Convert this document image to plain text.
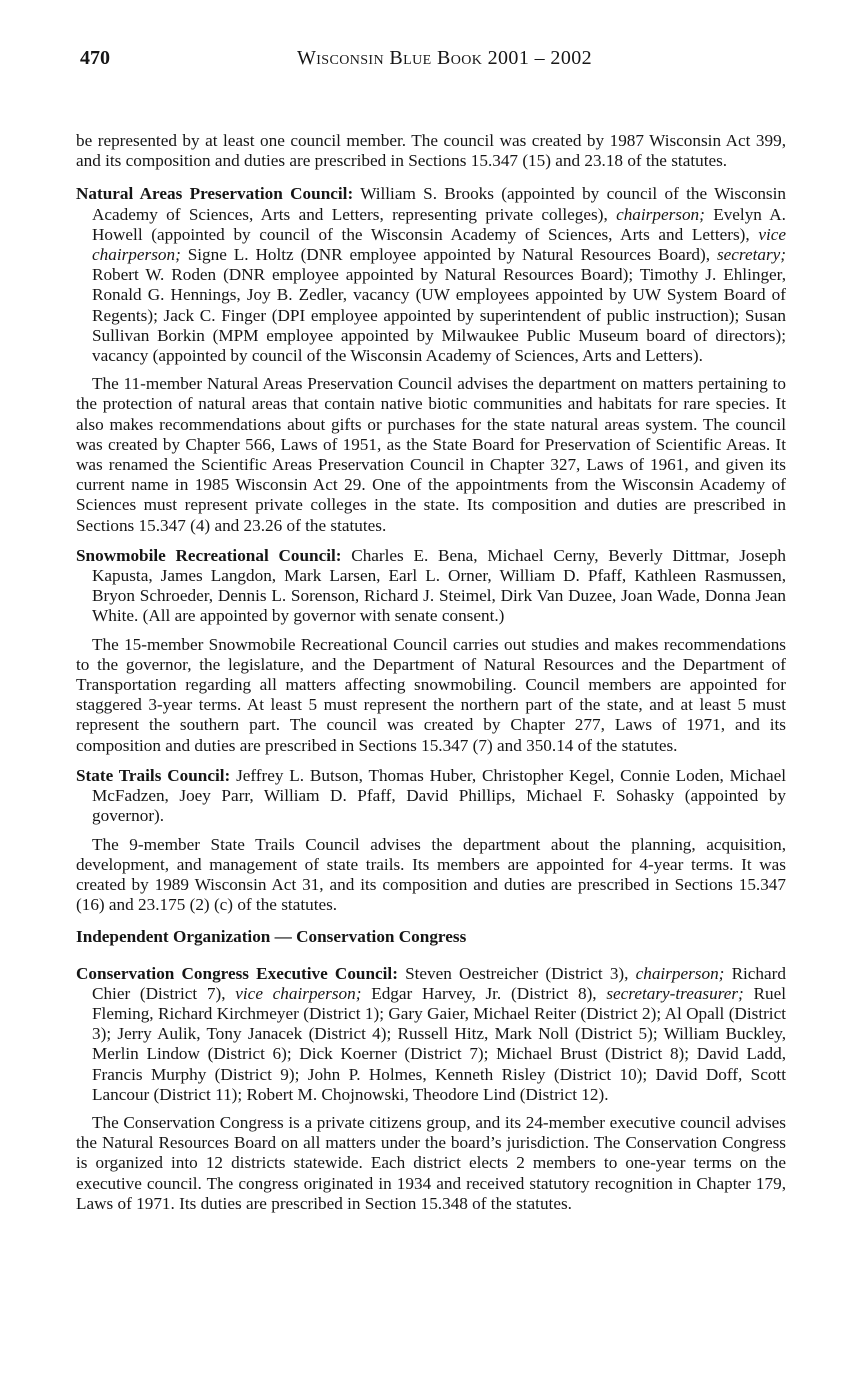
470	Wisconsin Blue Book 2001 – 2002

be represented by at least one council member. The council was created by 1987 Wisconsin Act 399, and its composition and duties are prescribed in Sections 15.347 (15) and 23.18 of the statutes.

Natural Areas Preservation Council: William S. Brooks (appointed by council of the Wisconsin Academy of Sciences, Arts and Letters, representing private colleges), chairperson; Evelyn A. Howell (appointed by council of the Wisconsin Academy of Sciences, Arts and Letters), vice chairperson; Signe L. Holtz (DNR employee appointed by Natural Resources Board), secretary; Robert W. Roden (DNR employee appointed by Natural Resources Board); Timothy J. Ehlinger, Ronald G. Hennings, Joy B. Zedler, vacancy (UW employees appointed by UW System Board of Regents); Jack C. Finger (DPI employee appointed by superintendent of public instruction); Susan Sullivan Borkin (MPM employee appointed by Milwaukee Public Museum board of directors); vacancy (appointed by council of the Wisconsin Academy of Sciences, Arts and Letters).

The 11-member Natural Areas Preservation Council advises the department on matters pertaining to the protection of natural areas that contain native biotic communities and habitats for rare species. It also makes recommendations about gifts or purchases for the state natural areas system. The council was created by Chapter 566, Laws of 1951, as the State Board for Preservation of Scientific Areas. It was renamed the Scientific Areas Preservation Council in Chapter 327, Laws of 1961, and given its current name in 1985 Wisconsin Act 29. One of the appointments from the Wisconsin Academy of Sciences must represent private colleges in the state. Its composition and duties are prescribed in Sections 15.347 (4) and 23.26 of the statutes.

Snowmobile Recreational Council: Charles E. Bena, Michael Cerny, Beverly Dittmar, Joseph Kapusta, James Langdon, Mark Larsen, Earl L. Orner, William D. Pfaff, Kathleen Rasmussen, Bryon Schroeder, Dennis L. Sorenson, Richard J. Steimel, Dirk Van Duzee, Joan Wade, Donna Jean White. (All are appointed by governor with senate consent.)

The 15-member Snowmobile Recreational Council carries out studies and makes recommendations to the governor, the legislature, and the Department of Natural Resources and the Department of Transportation regarding all matters affecting snowmobiling. Council members are appointed for staggered 3-year terms. At least 5 must represent the northern part of the state, and at least 5 must represent the southern part. The council was created by Chapter 277, Laws of 1971, and its composition and duties are prescribed in Sections 15.347 (7) and 350.14 of the statutes.

State Trails Council: Jeffrey L. Butson, Thomas Huber, Christopher Kegel, Connie Loden, Michael McFadzen, Joey Parr, William D. Pfaff, David Phillips, Michael F. Sohasky (appointed by governor).

The 9-member State Trails Council advises the department about the planning, acquisition, development, and management of state trails. Its members are appointed for 4-year terms. It was created by 1989 Wisconsin Act 31, and its composition and duties are prescribed in Sections 15.347 (16) and 23.175 (2) (c) of the statutes.

Independent Organization — Conservation Congress

Conservation Congress Executive Council: Steven Oestreicher (District 3), chairperson; Richard Chier (District 7), vice chairperson; Edgar Harvey, Jr. (District 8), secretary-treasurer; Ruel Fleming, Richard Kirchmeyer (District 1); Gary Gaier, Michael Reiter (District 2); Al Opall (District 3); Jerry Aulik, Tony Janacek (District 4); Russell Hitz, Mark Noll (District 5); William Buckley, Merlin Lindow (District 6); Dick Koerner (District 7); Michael Brust (District 8); David Ladd, Francis Murphy (District 9); John P. Holmes, Kenneth Risley (District 10); David Doff, Scott Lancour (District 11); Robert M. Chojnowski, Theodore Lind (District 12).

The Conservation Congress is a private citizens group, and its 24-member executive council advises the Natural Resources Board on all matters under the board’s jurisdiction. The Conservation Congress is organized into 12 districts statewide. Each district elects 2 members to one-year terms on the executive council. The congress originated in 1934 and received statutory recognition in Chapter 179, Laws of 1971. Its duties are prescribed in Section 15.348 of the statutes.
